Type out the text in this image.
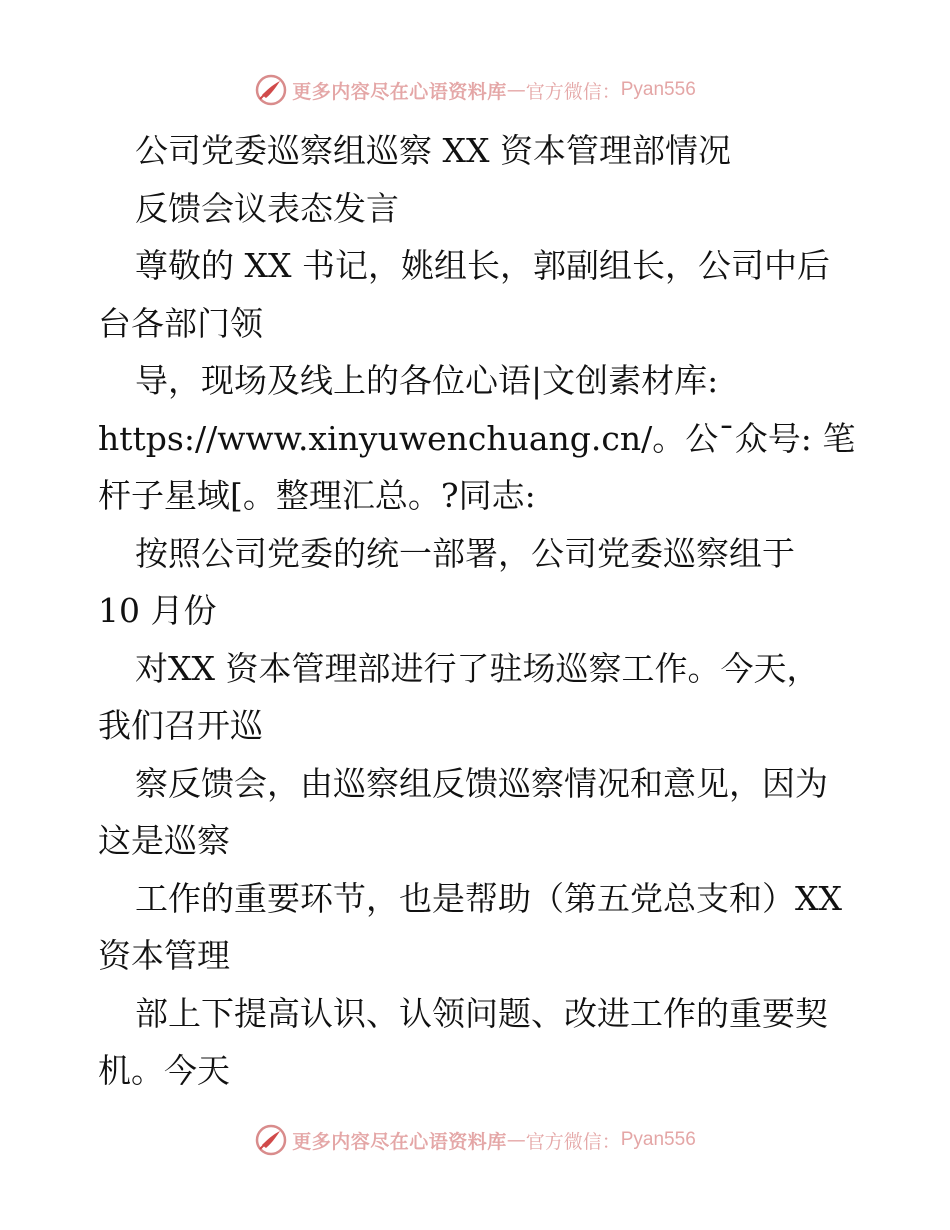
更多内容尽在心语资料库 — 官方微信： Pyan556
公司党委巡察组巡察 XX 资本管理部情况
反馈会议表态发言
尊敬的 XX 书记，姚组长，郭副组长，公司中后
台各部门领
导，现场及线上的各位心语|文创素材库:
https://www.xinyuwenchuang.cn/。公¯众号: 笔
杆子星域[。整理汇总。?同志:
按照公司党委的统一部署，公司党委巡察组于
10 月份
对XX 资本管理部进行了驻场巡察工作。今天，
我们召开巡
察反馈会，由巡察组反馈巡察情况和意见，因为
这是巡察
工作的重要环节，也是帮助（第五党总支和）XX
资本管理
部上下提高认识、认领问题、改进工作的重要契
机。今天
更多内容尽在心语资料库 — 官方微信： Pyan556
